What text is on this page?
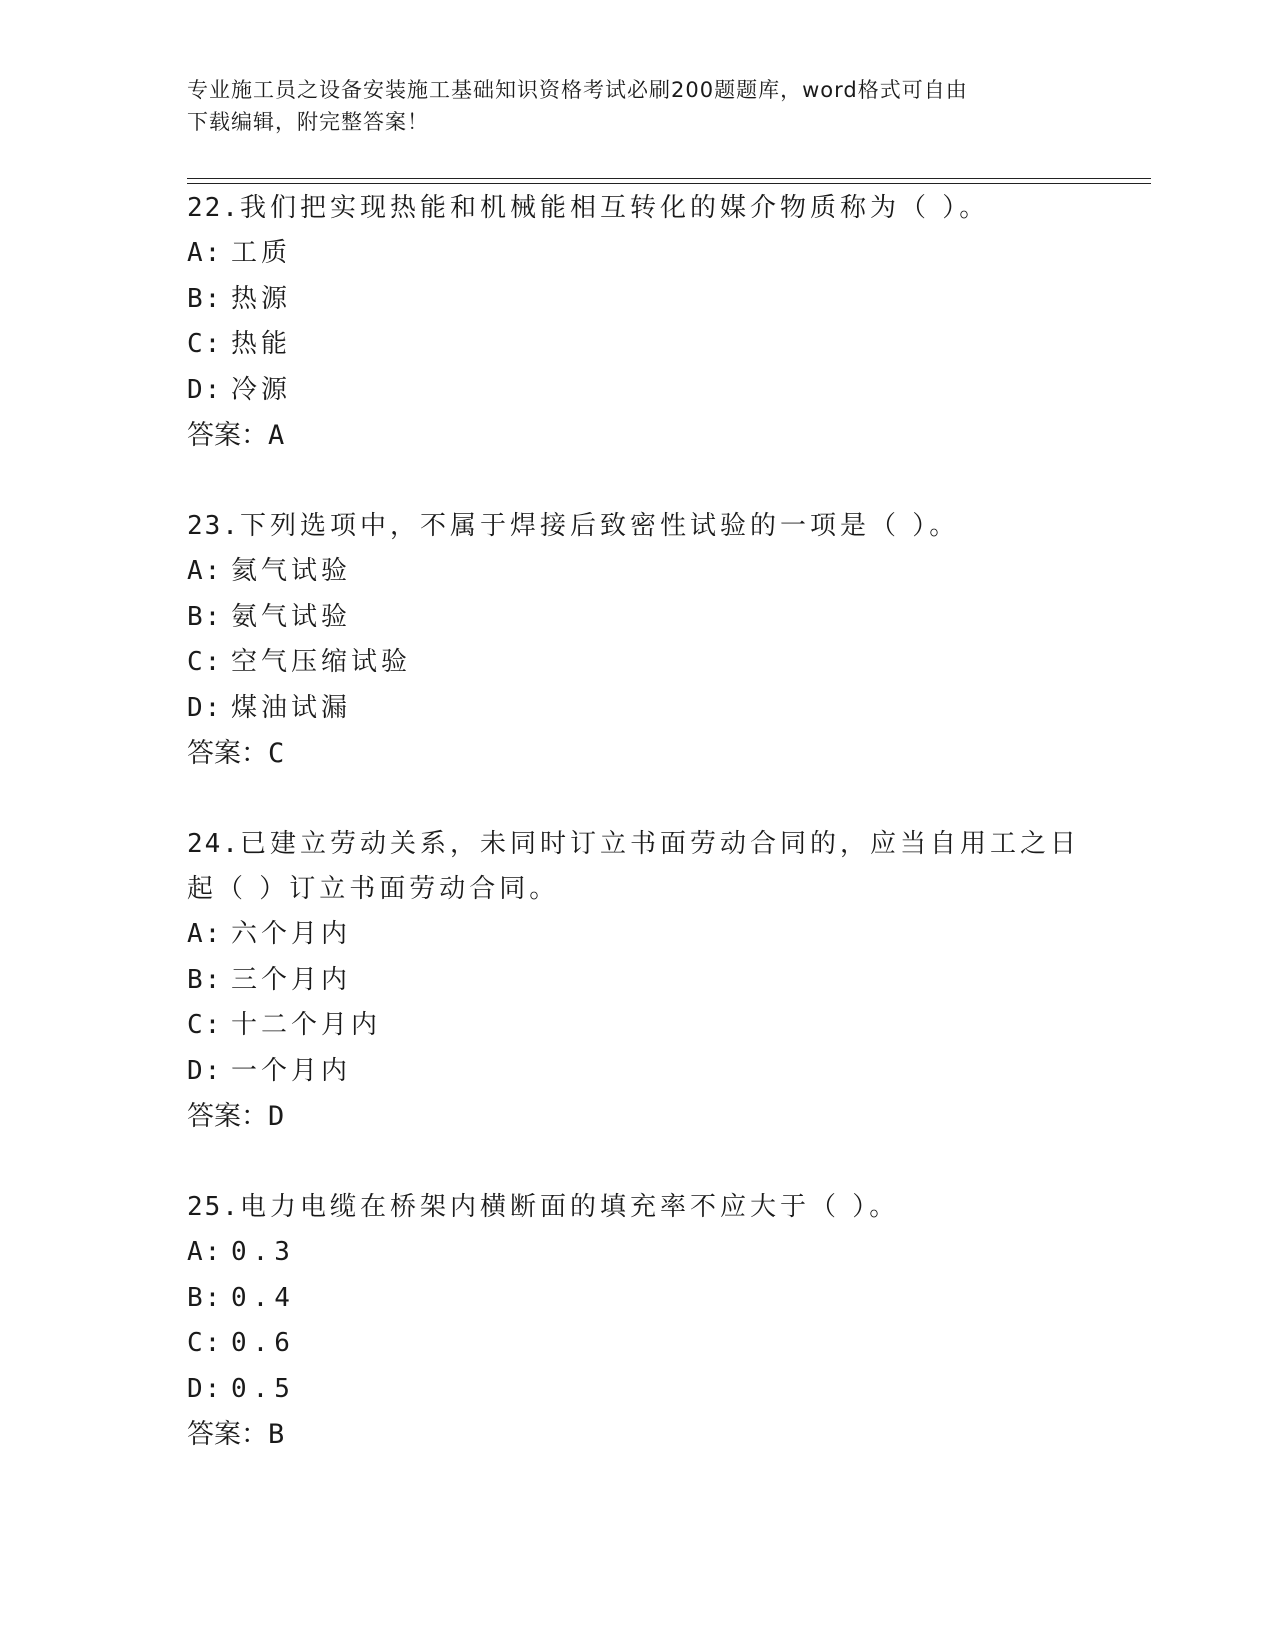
专业施工员之设备安装施工基础知识资格考试必刷200题题库，word格式可自由
下载编辑，附完整答案！
22.我们把实现热能和机械能相互转化的媒介物质称为（ ）。
A: 工质
B: 热源
C: 热能
D: 冷源
答案：A
23.下列选项中，不属于焊接后致密性试验的一项是（ ）。
A: 氦气试验
B: 氨气试验
C: 空气压缩试验
D: 煤油试漏
答案：C
24.已建立劳动关系，未同时订立书面劳动合同的，应当自用工之日起（ ）订立书面劳动合同。
A: 六个月内
B: 三个月内
C: 十二个月内
D: 一个月内
答案：D
25.电力电缆在桥架内横断面的填充率不应大于（ ）。
A: 0.3
B: 0.4
C: 0.6
D: 0.5
答案：B
